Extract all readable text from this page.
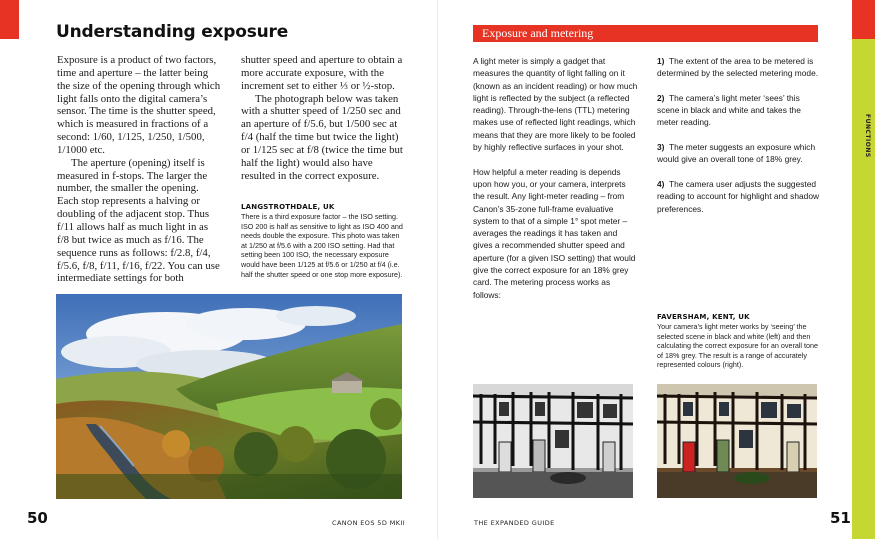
FUNCTIONS
Understanding exposure

Exposure is a product of two factors, time and aperture – the latter being the size of the opening through which light falls onto the digital camera’s sensor. The time is the shutter speed, which is measured in fractions of a second: 1/60, 1/125, 1/250, 1/500, 1/1000 etc.

The aperture (opening) itself is measured in f-stops. The larger the number, the smaller the opening. Each stop represents a halving or doubling of the adjacent stop. Thus f/11 allows half as much light in as f/8 but twice as much as f/16. The sequence runs as follows: f/2.8, f/4, f/5.6, f/8, f/11, f/16, f/22. You can use intermediate settings for both

shutter speed and aperture to obtain a more accurate exposure, with the increment set to either ⅓ or ½-stop.

The photograph below was taken with a shutter speed of 1/250 sec and an aperture of f/5.6, but 1/500 sec at f/4 (half the time but twice the light) or 1/125 sec at f/8 (twice the time but half the light) would also have resulted in the correct exposure.

LANGSTROTHDALE, UK
There is a third exposure factor – the ISO setting. ISO 200 is half as sensitive to light as ISO 400 and needs double the exposure. This photo was taken at 1/250 at f/5.6 with a 200 ISO setting. Had that setting been 100 ISO, the necessary exposure would have been 1/125 at f/5.6 or 1/250 at f/4 (i.e. half the shutter speed or one stop more exposure).
50	CANON EOS 5D MKII
Exposure and metering

A light meter is simply a gadget that measures the quantity of light falling on it (known as an incident reading) or how much light is reflected by the subject (a reflected reading). Through-the-lens (TTL) metering makes use of reflected light readings, which means that they are more likely to be fooled by highly reflective surfaces in your shot.

How helpful a meter reading is depends upon how you, or your camera, interprets the result. Any light-meter reading – from Canon’s 35-zone full-frame evaluative system to that of a simple 1° spot meter – averages the readings it has taken and gives a recommended shutter speed and aperture (for a given ISO setting) that would give the correct exposure for an 18% grey card. The metering process works as follows:

1) The extent of the area to be metered is determined by the selected metering mode.

2) The camera’s light meter ‘sees’ this scene in black and white and takes the meter reading.

3) The meter suggests an exposure which would give an overall tone of 18% grey.

4) The camera user adjusts the suggested reading to account for highlight and shadow preferences.

FAVERSHAM, KENT, UK
Your camera’s light meter works by ‘seeing’ the selected scene in black and white (left) and then calculating the correct exposure for an overall tone of 18% grey. The result is a range of accurately represented colours (right).
THE EXPANDED GUIDE	51
